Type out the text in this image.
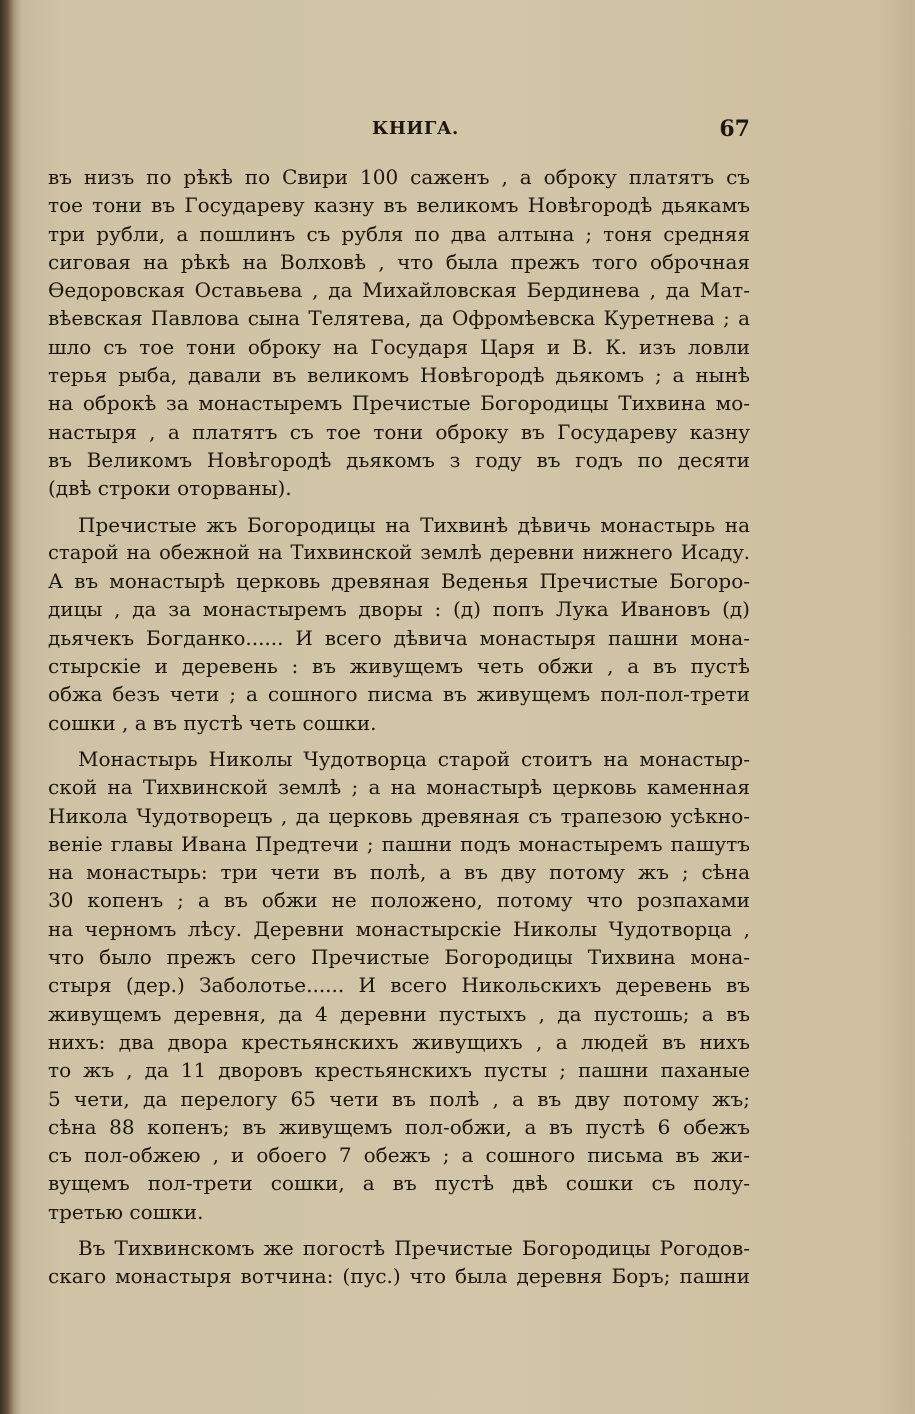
КНИГА.	67
въ низъ по рѣкѣ по Свири 100 саженъ , а оброку платятъ съ
тое тони въ Государеву казну въ великомъ Новѣгородѣ дьякамъ
три рубли, а пошлинъ съ рубля по два алтына ; тоня средняя
сиговая на рѣкѣ на Волховѣ , что была прежъ того оброчная
Ѳедоровская Оставьева , да Михайловская Бердинева , да Мат-
вѣевская Павлова сына Телятева, да Офромѣевска Куретнева ; а
шло съ тое тони оброку на Государя Царя и В. К. изъ ловли
терья рыба, давали въ великомъ Новѣгородѣ дьякомъ ; а нынѣ
на оброкѣ за монастыремъ Пречистые Богородицы Тихвина мо-
настыря , а платятъ съ тое тони оброку въ Государеву казну
въ Великомъ Новѣгородѣ дьякомъ з году въ годъ по десяти
(двѣ строки оторваны).
Пречистые жъ Богородицы на Тихвинѣ дѣвичь монастырь на
старой на обежной на Тихвинской землѣ деревни нижнего Исаду.
А въ монастырѣ церковь древяная Веденья Пречистые Богоро-
дицы , да за монастыремъ дворы : (д) попъ Лука Ивановъ (д)
дьячекъ Богданко...... И всего дѣвича монастыря пашни мона-
стырскіе и деревень : въ живущемъ четь обжи , а въ пустѣ
обжа безъ чети ; а сошного писма въ живущемъ пол-пол-трети
сошки , а въ пустѣ четь сошки.
Монастырь Николы Чудотворца старой стоитъ на монастыр-
ской на Тихвинской землѣ ; а на монастырѣ церковь каменная
Никола Чудотворецъ , да церковь древяная съ трапезою усѣкно-
веніе главы Ивана Предтечи ; пашни подъ монастыремъ пашутъ
на монастырь: три чети въ полѣ, а въ дву потому жъ ; сѣна
30 копенъ ; а въ обжи не положено, потому что розпахами
на черномъ лѣсу. Деревни монастырскіе Николы Чудотворца ,
что было прежъ сего Пречистые Богородицы Тихвина мона-
стыря (дер.) Заболотье...... И всего Никольскихъ деревень въ
живущемъ деревня, да 4 деревни пустыхъ , да пустошь; а въ
нихъ: два двора крестьянскихъ живущихъ , а людей въ нихъ
то жъ , да 11 дворовъ крестьянскихъ пусты ; пашни паханые
5 чети, да перелогу 65 чети въ полѣ , а въ дву потому жъ;
сѣна 88 копенъ; въ живущемъ пол-обжи, а въ пустѣ 6 обежъ
съ пол-обжею , и обоего 7 обежъ ; а сошного письма въ жи-
вущемъ пол-трети сошки, а въ пустѣ двѣ сошки съ полу-
третью сошки.
Въ Тихвинскомъ же погостѣ Пречистые Богородицы Рогодов-
скаго монастыря вотчина: (пус.) что была деревня Боръ; пашни
